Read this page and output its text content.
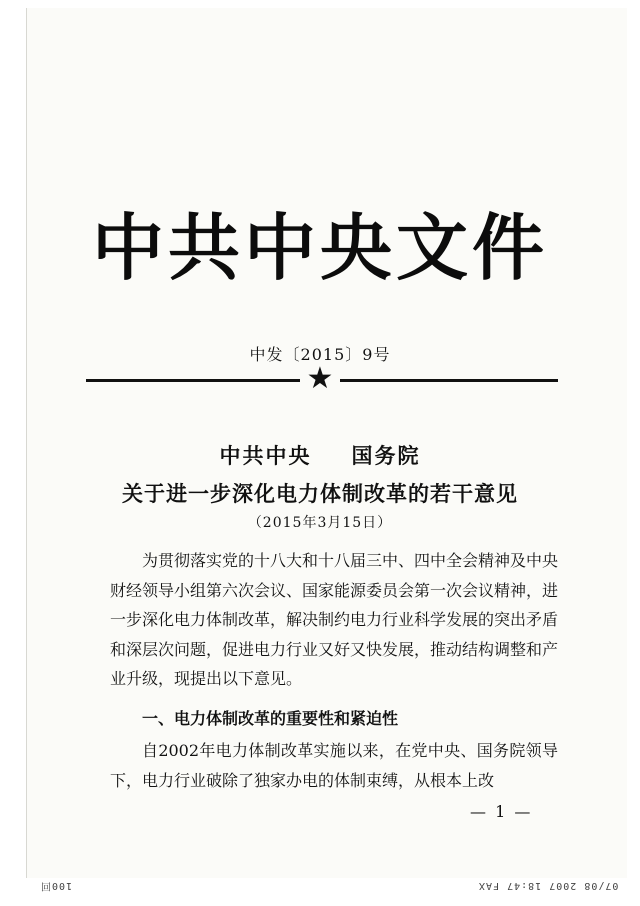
中共中央文件
中发〔2015〕9号
★
中共中央 国务院
关于进一步深化电力体制改革的若干意见
（2015年3月15日）

为贯彻落实党的十八大和十八届三中、四中全会精神及中央财经领导小组第六次会议、国家能源委员会第一次会议精神，进一步深化电力体制改革，解决制约电力行业科学发展的突出矛盾和深层次问题，促进电力行业又好又快发展，推动结构调整和产业升级，现提出以下意见。

一、电力体制改革的重要性和紧迫性

自2002年电力体制改革实施以来，在党中央、国务院领导下，电力行业破除了独家办电的体制束缚，从根本上改

— 1 —
100回	07/08 2007 18:47 FAX
